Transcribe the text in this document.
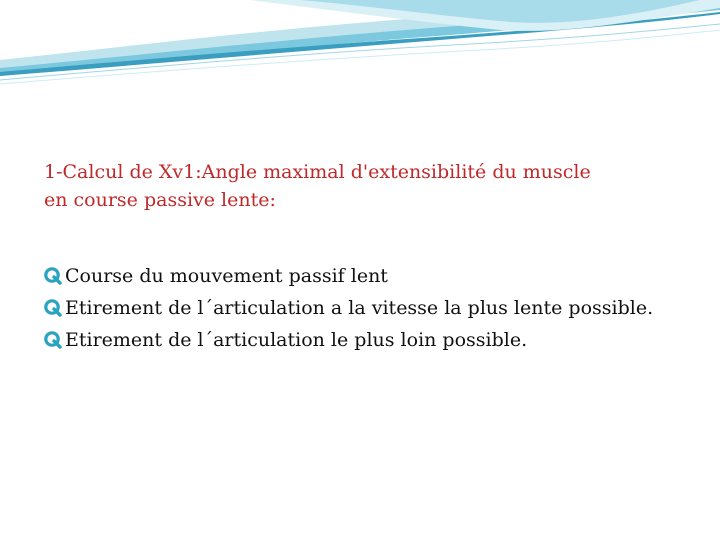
1-Calcul de Xv1:Angle maximal d'extensibilité du muscle
en course passive lente:
Course du mouvement passif lent
Etirement de l´articulation a la vitesse la plus lente possible.
Etirement de l´articulation le plus loin possible.
